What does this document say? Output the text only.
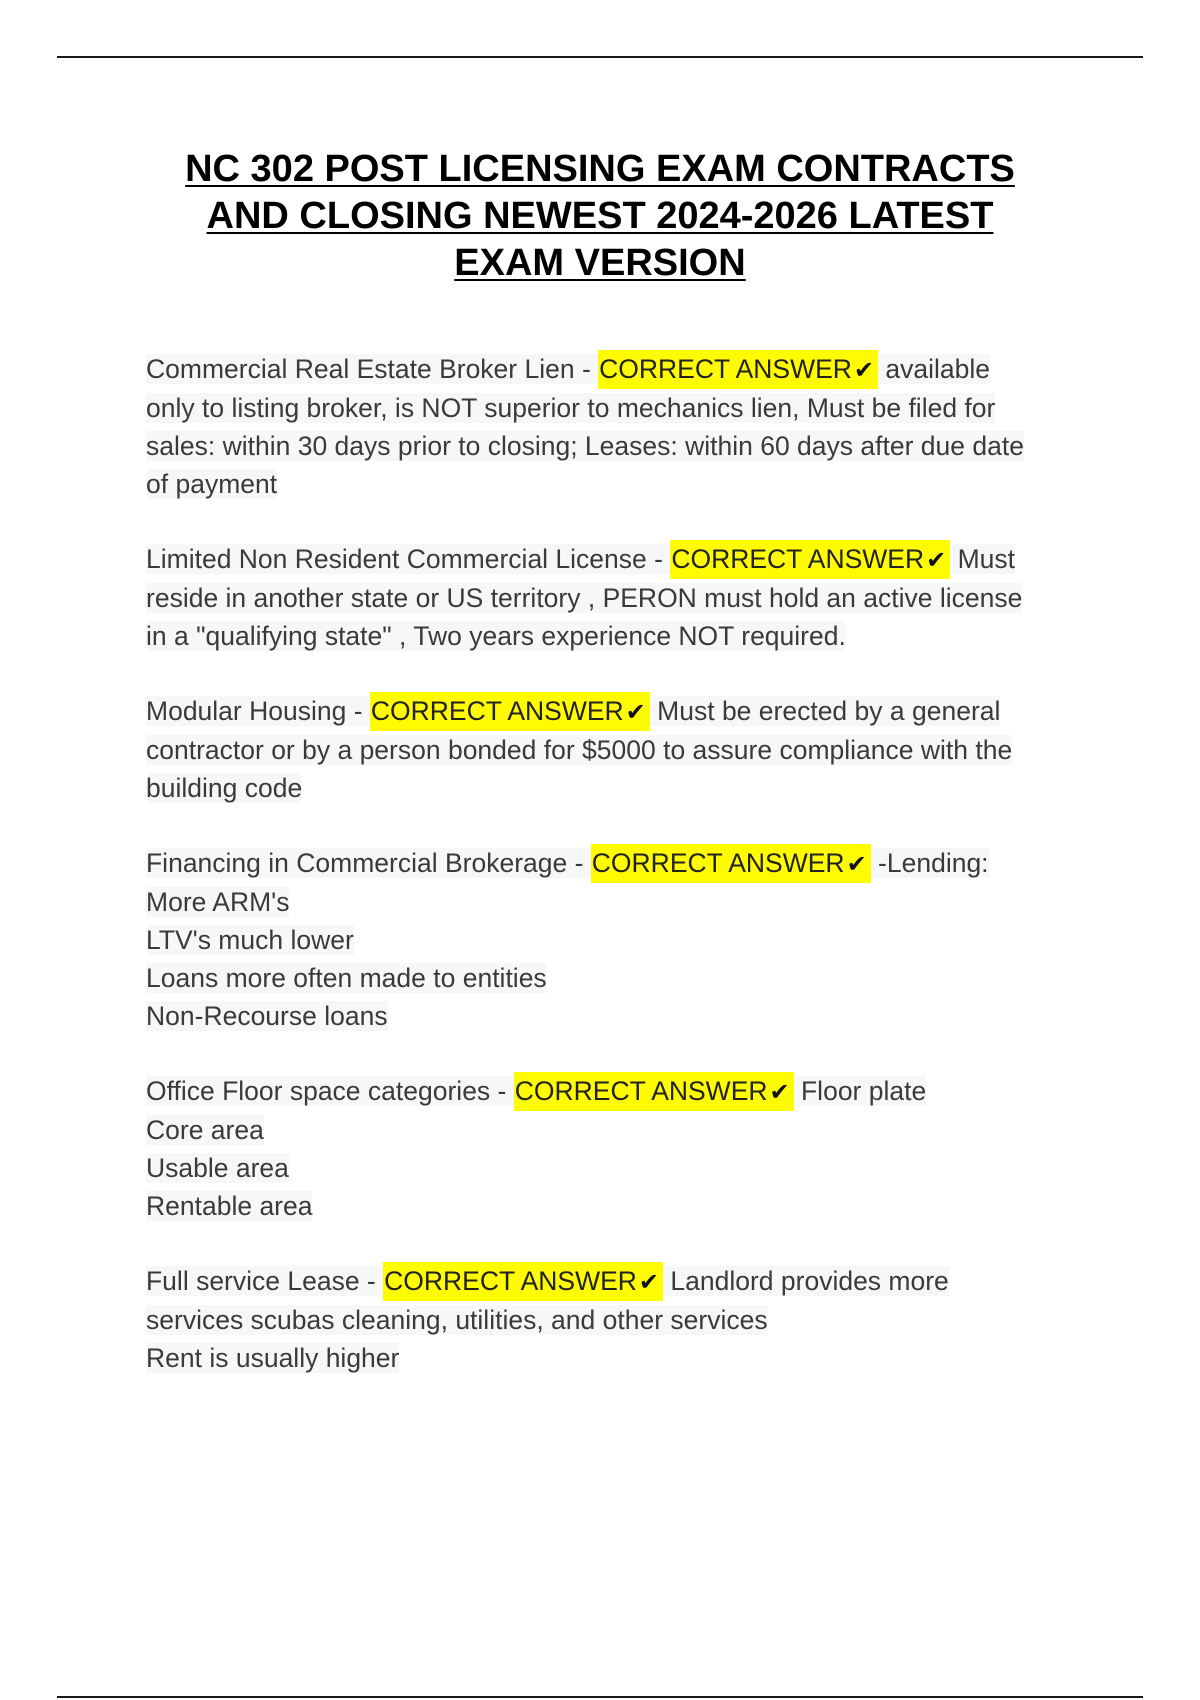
NC 302 POST LICENSING EXAM CONTRACTS
AND CLOSING NEWEST 2024-2026 LATEST
EXAM VERSION
Commercial Real Estate Broker Lien - CORRECT ANSWER✔ available
only to listing broker, is NOT superior to mechanics lien, Must be filed for
sales: within 30 days prior to closing; Leases: within 60 days after due date
of payment
Limited Non Resident Commercial License - CORRECT ANSWER✔ Must
reside in another state or US territory , PERON must hold an active license
in a "qualifying state" , Two years experience NOT required.
Modular Housing - CORRECT ANSWER✔ Must be erected by a general
contractor or by a person bonded for $5000 to assure compliance with the
building code
Financing in Commercial Brokerage - CORRECT ANSWER✔ -Lending:
More ARM's
LTV's much lower
Loans more often made to entities
Non-Recourse loans
Office Floor space categories - CORRECT ANSWER✔ Floor plate
Core area
Usable area
Rentable area
Full service Lease - CORRECT ANSWER✔ Landlord provides more
services scubas cleaning, utilities, and other services
Rent is usually higher
